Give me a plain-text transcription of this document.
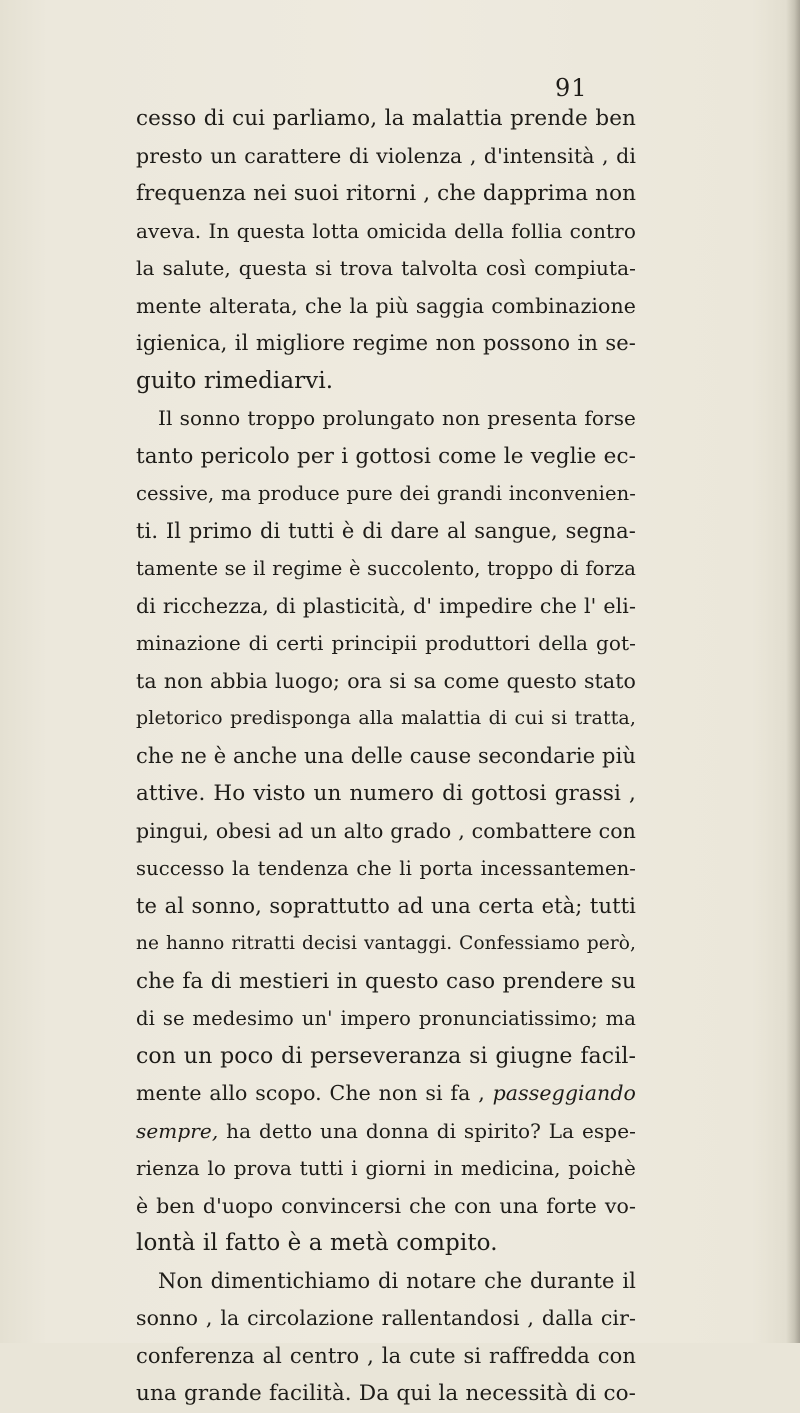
91
cesso di cui parliamo, la malattia prende ben
presto un carattere di violenza , d'intensità , di
frequenza nei suoi ritorni , che dapprima non
aveva. In questa lotta omicida della follia contro
la salute, questa si trova talvolta così compiuta-
mente alterata, che la più saggia combinazione
igienica, il migliore regime non possono in se-
guito rimediarvi.
Il sonno troppo prolungato non presenta forse
tanto pericolo per i gottosi come le veglie ec-
cessive, ma produce pure dei grandi inconvenien-
ti. Il primo di tutti è di dare al sangue, segna-
tamente se il regime è succolento, troppo di forza
di ricchezza, di plasticità, d' impedire che l' eli-
minazione di certi principii produttori della got-
ta non abbia luogo; ora si sa come questo stato
pletorico predisponga alla malattia di cui si tratta,
che ne è anche una delle cause secondarie più
attive. Ho visto un numero di gottosi grassi ,
pingui, obesi ad un alto grado , combattere con
successo la tendenza che li porta incessantemen-
te al sonno, soprattutto ad una certa età; tutti
ne hanno ritratti decisi vantaggi. Confessiamo però,
che fa di mestieri in questo caso prendere su
di se medesimo un' impero pronunciatissimo; ma
con un poco di perseveranza si giugne facil-
mente allo scopo. Che non si fa , passeggiando
sempre, ha detto una donna di spirito? La espe-
rienza lo prova tutti i giorni in medicina, poichè
è ben d'uopo convincersi che con una forte vo-
lontà il fatto è a metà compito.
Non dimentichiamo di notare che durante il
sonno , la circolazione rallentandosi , dalla cir-
conferenza al centro , la cute si raffredda con
una grande facilità. Da qui la necessità di co-
